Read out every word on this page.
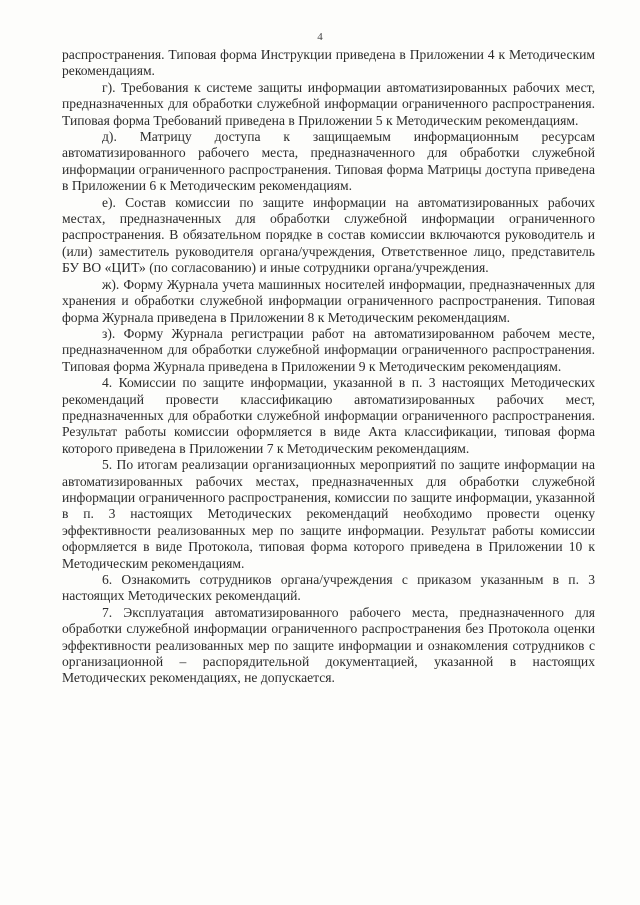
4

распространения. Типовая форма Инструкции приведена в Приложении 4 к Методическим рекомендациям.

г). Требования к системе защиты информации автоматизированных рабочих мест, предназначенных для обработки служебной информации ограниченного распространения. Типовая форма Требований приведена в Приложении 5 к Методическим рекомендациям.

д). Матрицу доступа к защищаемым информационным ресурсам автоматизированного рабочего места, предназначенного для обработки служебной информации ограниченного распространения. Типовая форма Матрицы доступа приведена в Приложении 6 к Методическим рекомендациям.

е). Состав комиссии по защите информации на автоматизированных рабочих местах, предназначенных для обработки служебной информации ограниченного распространения. В обязательном порядке в состав комиссии включаются руководитель и (или) заместитель руководителя органа/учреждения, Ответственное лицо, представитель БУ ВО «ЦИТ» (по согласованию) и иные сотрудники органа/учреждения.

ж). Форму Журнала учета машинных носителей информации, предназначенных для хранения и обработки служебной информации ограниченного распространения. Типовая форма Журнала приведена в Приложении 8 к Методическим рекомендациям.

з). Форму Журнала регистрации работ на автоматизированном рабочем месте, предназначенном для обработки служебной информации ограниченного распространения. Типовая форма Журнала приведена в Приложении 9 к Методическим рекомендациям.

4. Комиссии по защите информации, указанной в п. 3 настоящих Методических рекомендаций провести классификацию автоматизированных рабочих мест, предназначенных для обработки служебной информации ограниченного распространения. Результат работы комиссии оформляется в виде Акта классификации, типовая форма которого приведена в Приложении 7 к Методическим рекомендациям.

5. По итогам реализации организационных мероприятий по защите информации на автоматизированных рабочих местах, предназначенных для обработки служебной информации ограниченного распространения, комиссии по защите информации, указанной в п. 3 настоящих Методических рекомендаций необходимо провести оценку эффективности реализованных мер по защите информации. Результат работы комиссии оформляется в виде Протокола, типовая форма которого приведена в Приложении 10 к Методическим рекомендациям.

6. Ознакомить сотрудников органа/учреждения с приказом указанным в п. 3 настоящих Методических рекомендаций.

7. Эксплуатация автоматизированного рабочего места, предназначенного для обработки служебной информации ограниченного распространения без Протокола оценки эффективности реализованных мер по защите информации и ознакомления сотрудников с организационной – распорядительной документацией, указанной в настоящих Методических рекомендациях, не допускается.
